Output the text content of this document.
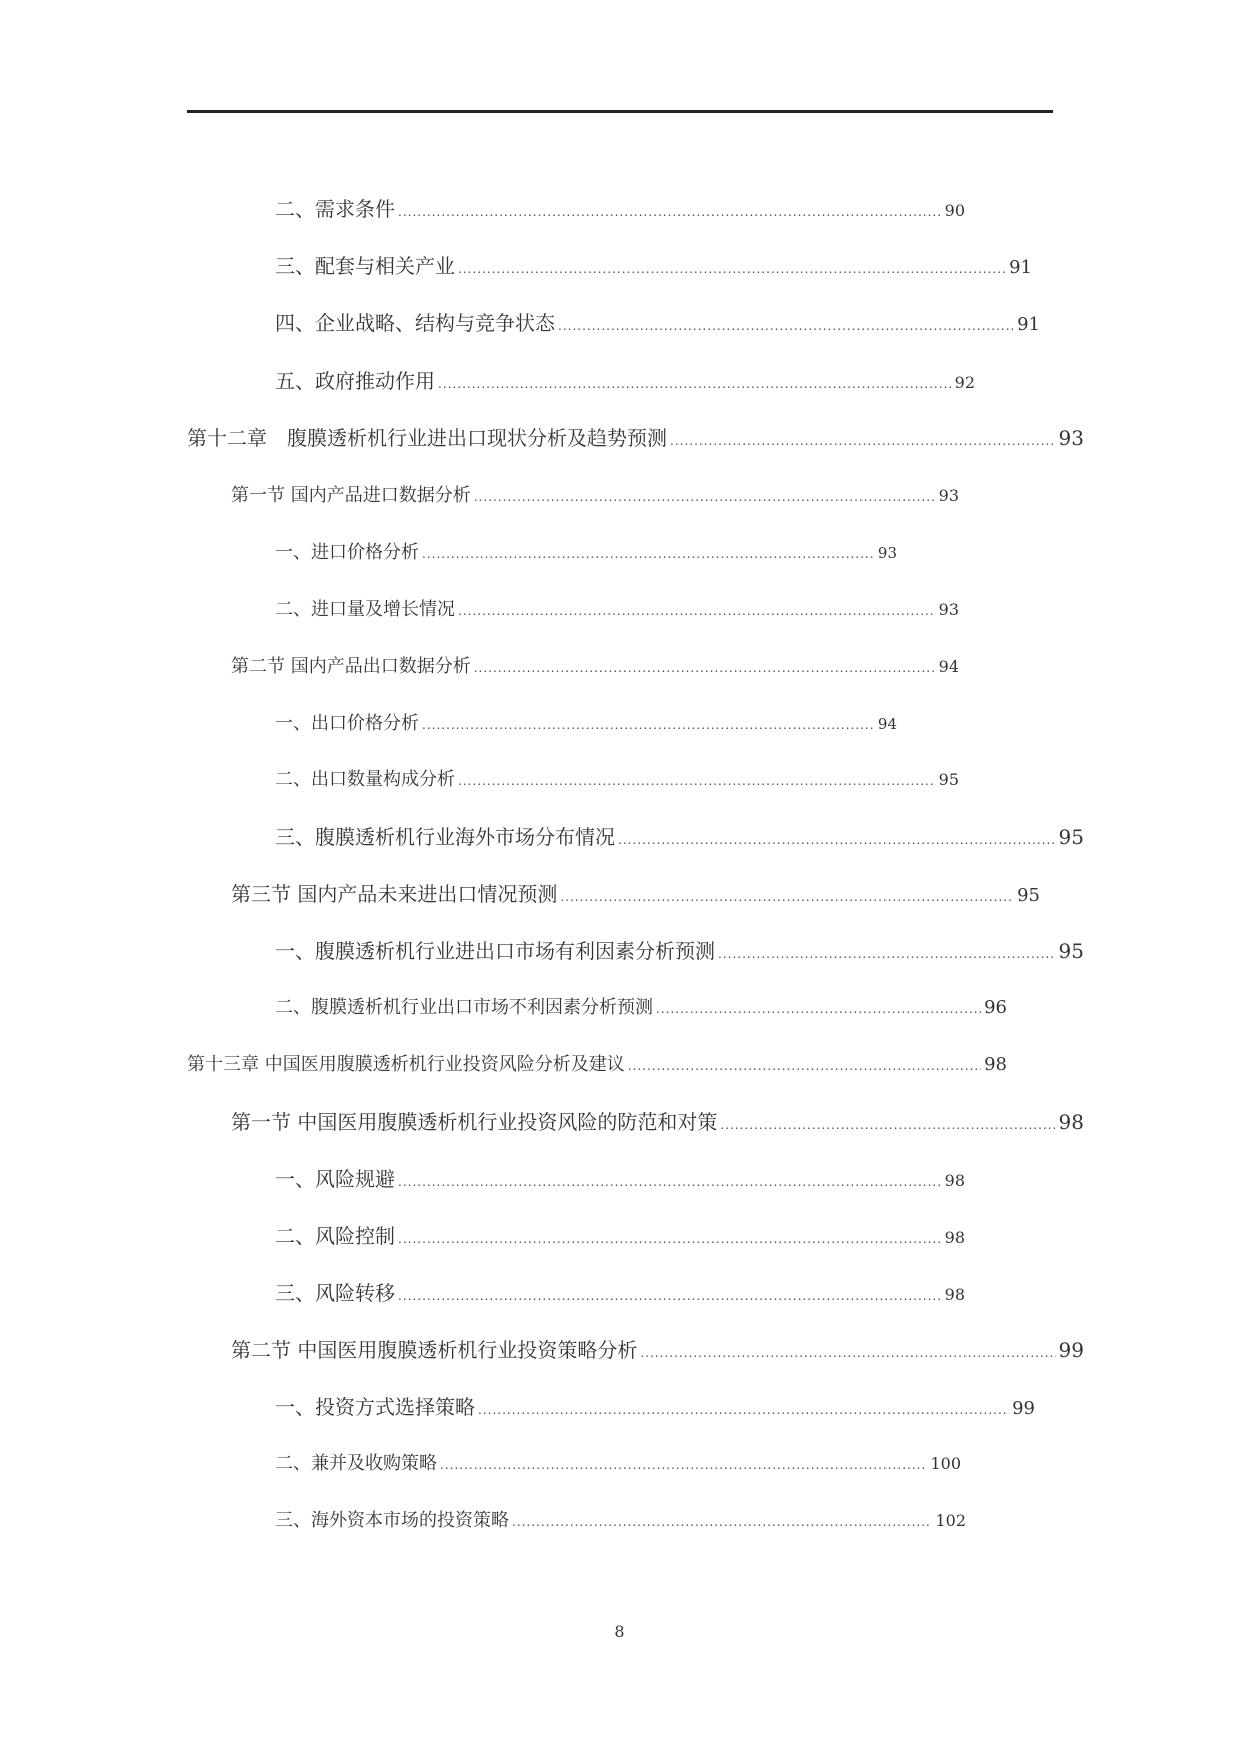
二、需求条件 .....	90
三、配套与相关产业 .....	91
四、企业战略、结构与竞争状态 .....	91
五、政府推动作用 .....	92
第十二章　腹膜透析机行业进出口现状分析及趋势预测 .....	93
第一节 国内产品进口数据分析 .....	93
一、进口价格分析 .....	93
二、进口量及增长情况 .....	93
第二节 国内产品出口数据分析 .....	94
一、出口价格分析 .....	94
二、出口数量构成分析 .....	95
三、腹膜透析机行业海外市场分布情况 .....	95
第三节 国内产品未来进出口情况预测 .....	95
一、腹膜透析机行业进出口市场有利因素分析预测 .....	95
二、腹膜透析机行业出口市场不利因素分析预测 .....	96
第十三章 中国医用腹膜透析机行业投资风险分析及建议 .....	98
第一节 中国医用腹膜透析机行业投资风险的防范和对策 .....	98
一、风险规避 .....	98
二、风险控制 .....	98
三、风险转移 .....	98
第二节 中国医用腹膜透析机行业投资策略分析 .....	99
一、投资方式选择策略 .....	99
二、兼并及收购策略 .....	100
三、海外资本市场的投资策略 .....	102
8
